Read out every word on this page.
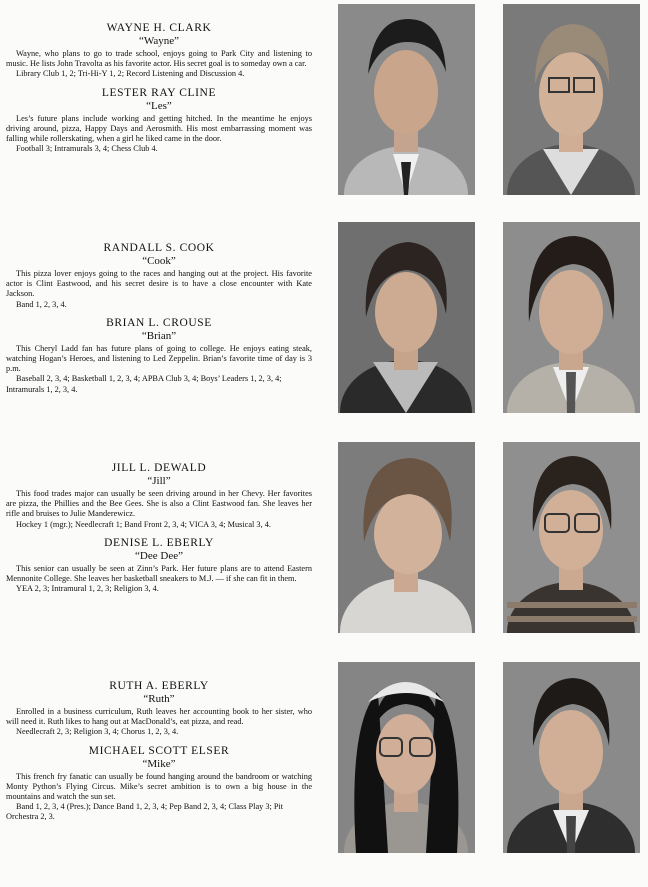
WAYNE H. CLARK

“Wayne”

Wayne, who plans to go to trade school, enjoys going to Park City and listening to music. He lists John Travolta as his favorite actor. His secret goal is to someday own a car.

Library Club 1, 2; Tri-Hi-Y 1, 2; Record Listening and Discussion 4.

LESTER RAY CLINE

“Les”

Les’s future plans include working and getting hitched. In the meantime he enjoys driving around, pizza, Happy Days and Aerosmith. His most embarrassing moment was falling while rollerskating, when a girl he liked came in the door.

Football 3; Intramurals 3, 4; Chess Club 4.

RANDALL S. COOK

“Cook”

This pizza lover enjoys going to the races and hanging out at the project. His favorite actor is Clint Eastwood, and his secret desire is to have a close encounter with Kate Jackson.

Band 1, 2, 3, 4.

BRIAN L. CROUSE

“Brian”

This Cheryl Ladd fan has future plans of going to college. He enjoys eating steak, watching Hogan’s Heroes, and listening to Led Zeppelin. Brian’s favorite time of day is 3 p.m.

Baseball 2, 3, 4; Basketball 1, 2, 3, 4; APBA Club 3, 4; Boys’ Leaders 1, 2, 3, 4; Intramurals 1, 2, 3, 4.

JILL L. DEWALD

“Jill”

This food trades major can usually be seen driving around in her Chevy. Her favorites are pizza, the Phillies and the Bee Gees. She is also a Clint Eastwood fan. She leaves her rifle and bruises to Julie Manderewicz.

Hockey 1 (mgr.); Needlecraft 1; Band Front 2, 3, 4; VICA 3, 4; Musical 3, 4.

DENISE L. EBERLY

“Dee Dee”

This senior can usually be seen at Zinn’s Park. Her future plans are to attend Eastern Mennonite College. She leaves her basketball sneakers to M.J. — if she can fit in them.

YEA 2, 3; Intramural 1, 2, 3; Religion 3, 4.

RUTH A. EBERLY

“Ruth”

Enrolled in a business curriculum, Ruth leaves her accounting book to her sister, who will need it. Ruth likes to hang out at MacDonald’s, eat pizza, and read.

Needlecraft 2, 3; Religion 3, 4; Chorus 1, 2, 3, 4.

MICHAEL SCOTT ELSER

“Mike”

This french fry fanatic can usually be found hanging around the bandroom or watching Monty Python’s Flying Circus. Mike’s secret ambition is to own a big house in the mountains and watch the sun set.

Band 1, 2, 3, 4 (Pres.); Dance Band 1, 2, 3, 4; Pep Band 2, 3, 4; Class Play 3; Pit Orchestra 2, 3.
